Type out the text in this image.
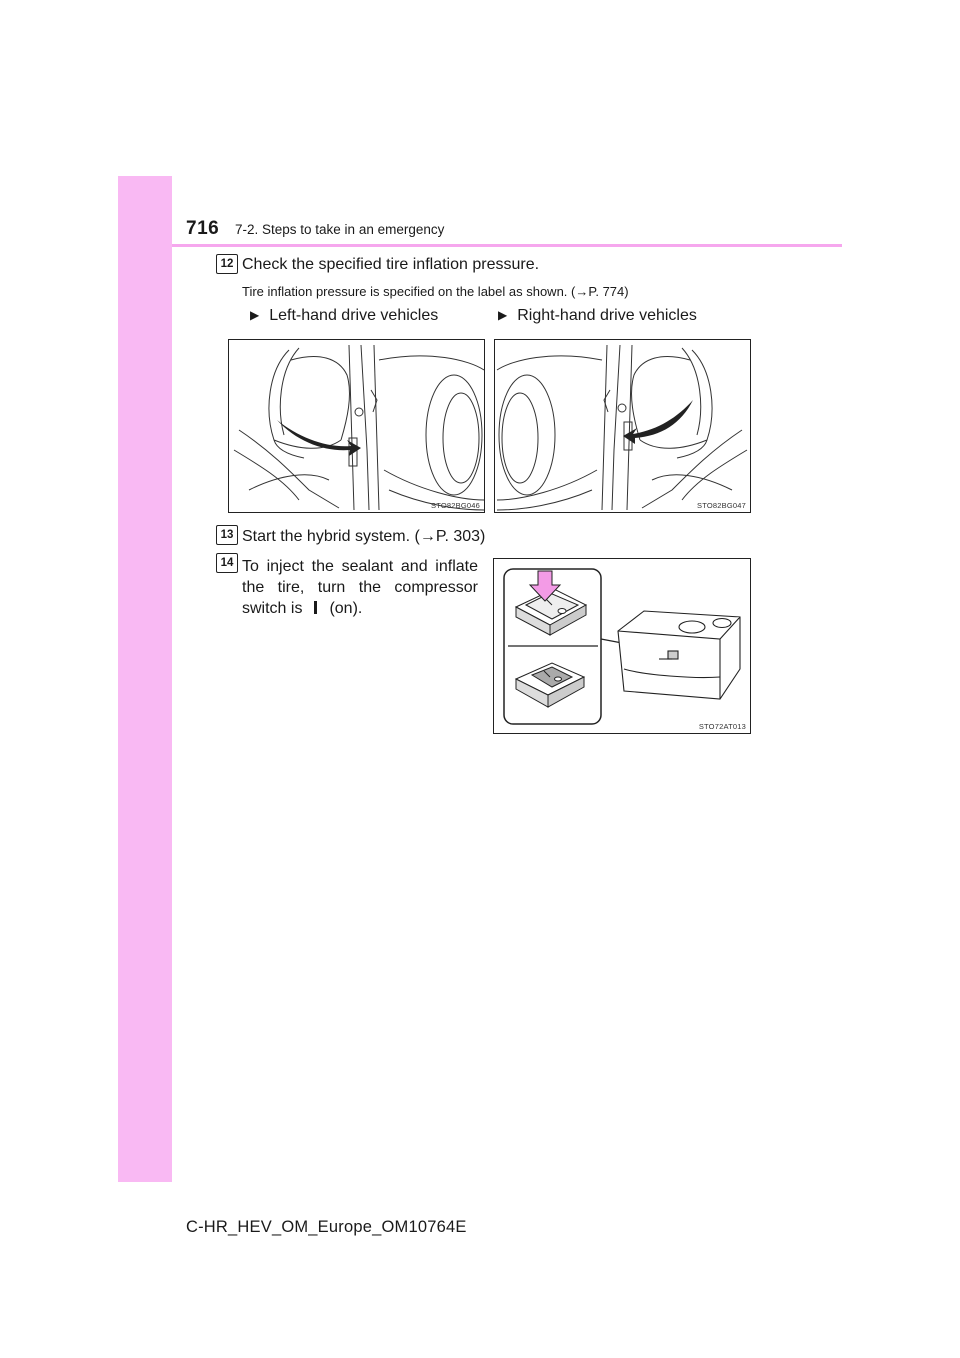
716 7-2. Steps to take in an emergency
12 Check the specified tire inflation pressure.
Tire inflation pressure is specified on the label as shown. (→P. 774)
▶ Left-hand drive vehicles	▶ Right-hand drive vehicles
STO82BG046	STO82BG047
13 Start the hybrid system. (→P. 303)
14 To inject the sealant and inflate the tire, turn the compressor switch is (on).
STO72AT013
C-HR_HEV_OM_Europe_OM10764E
